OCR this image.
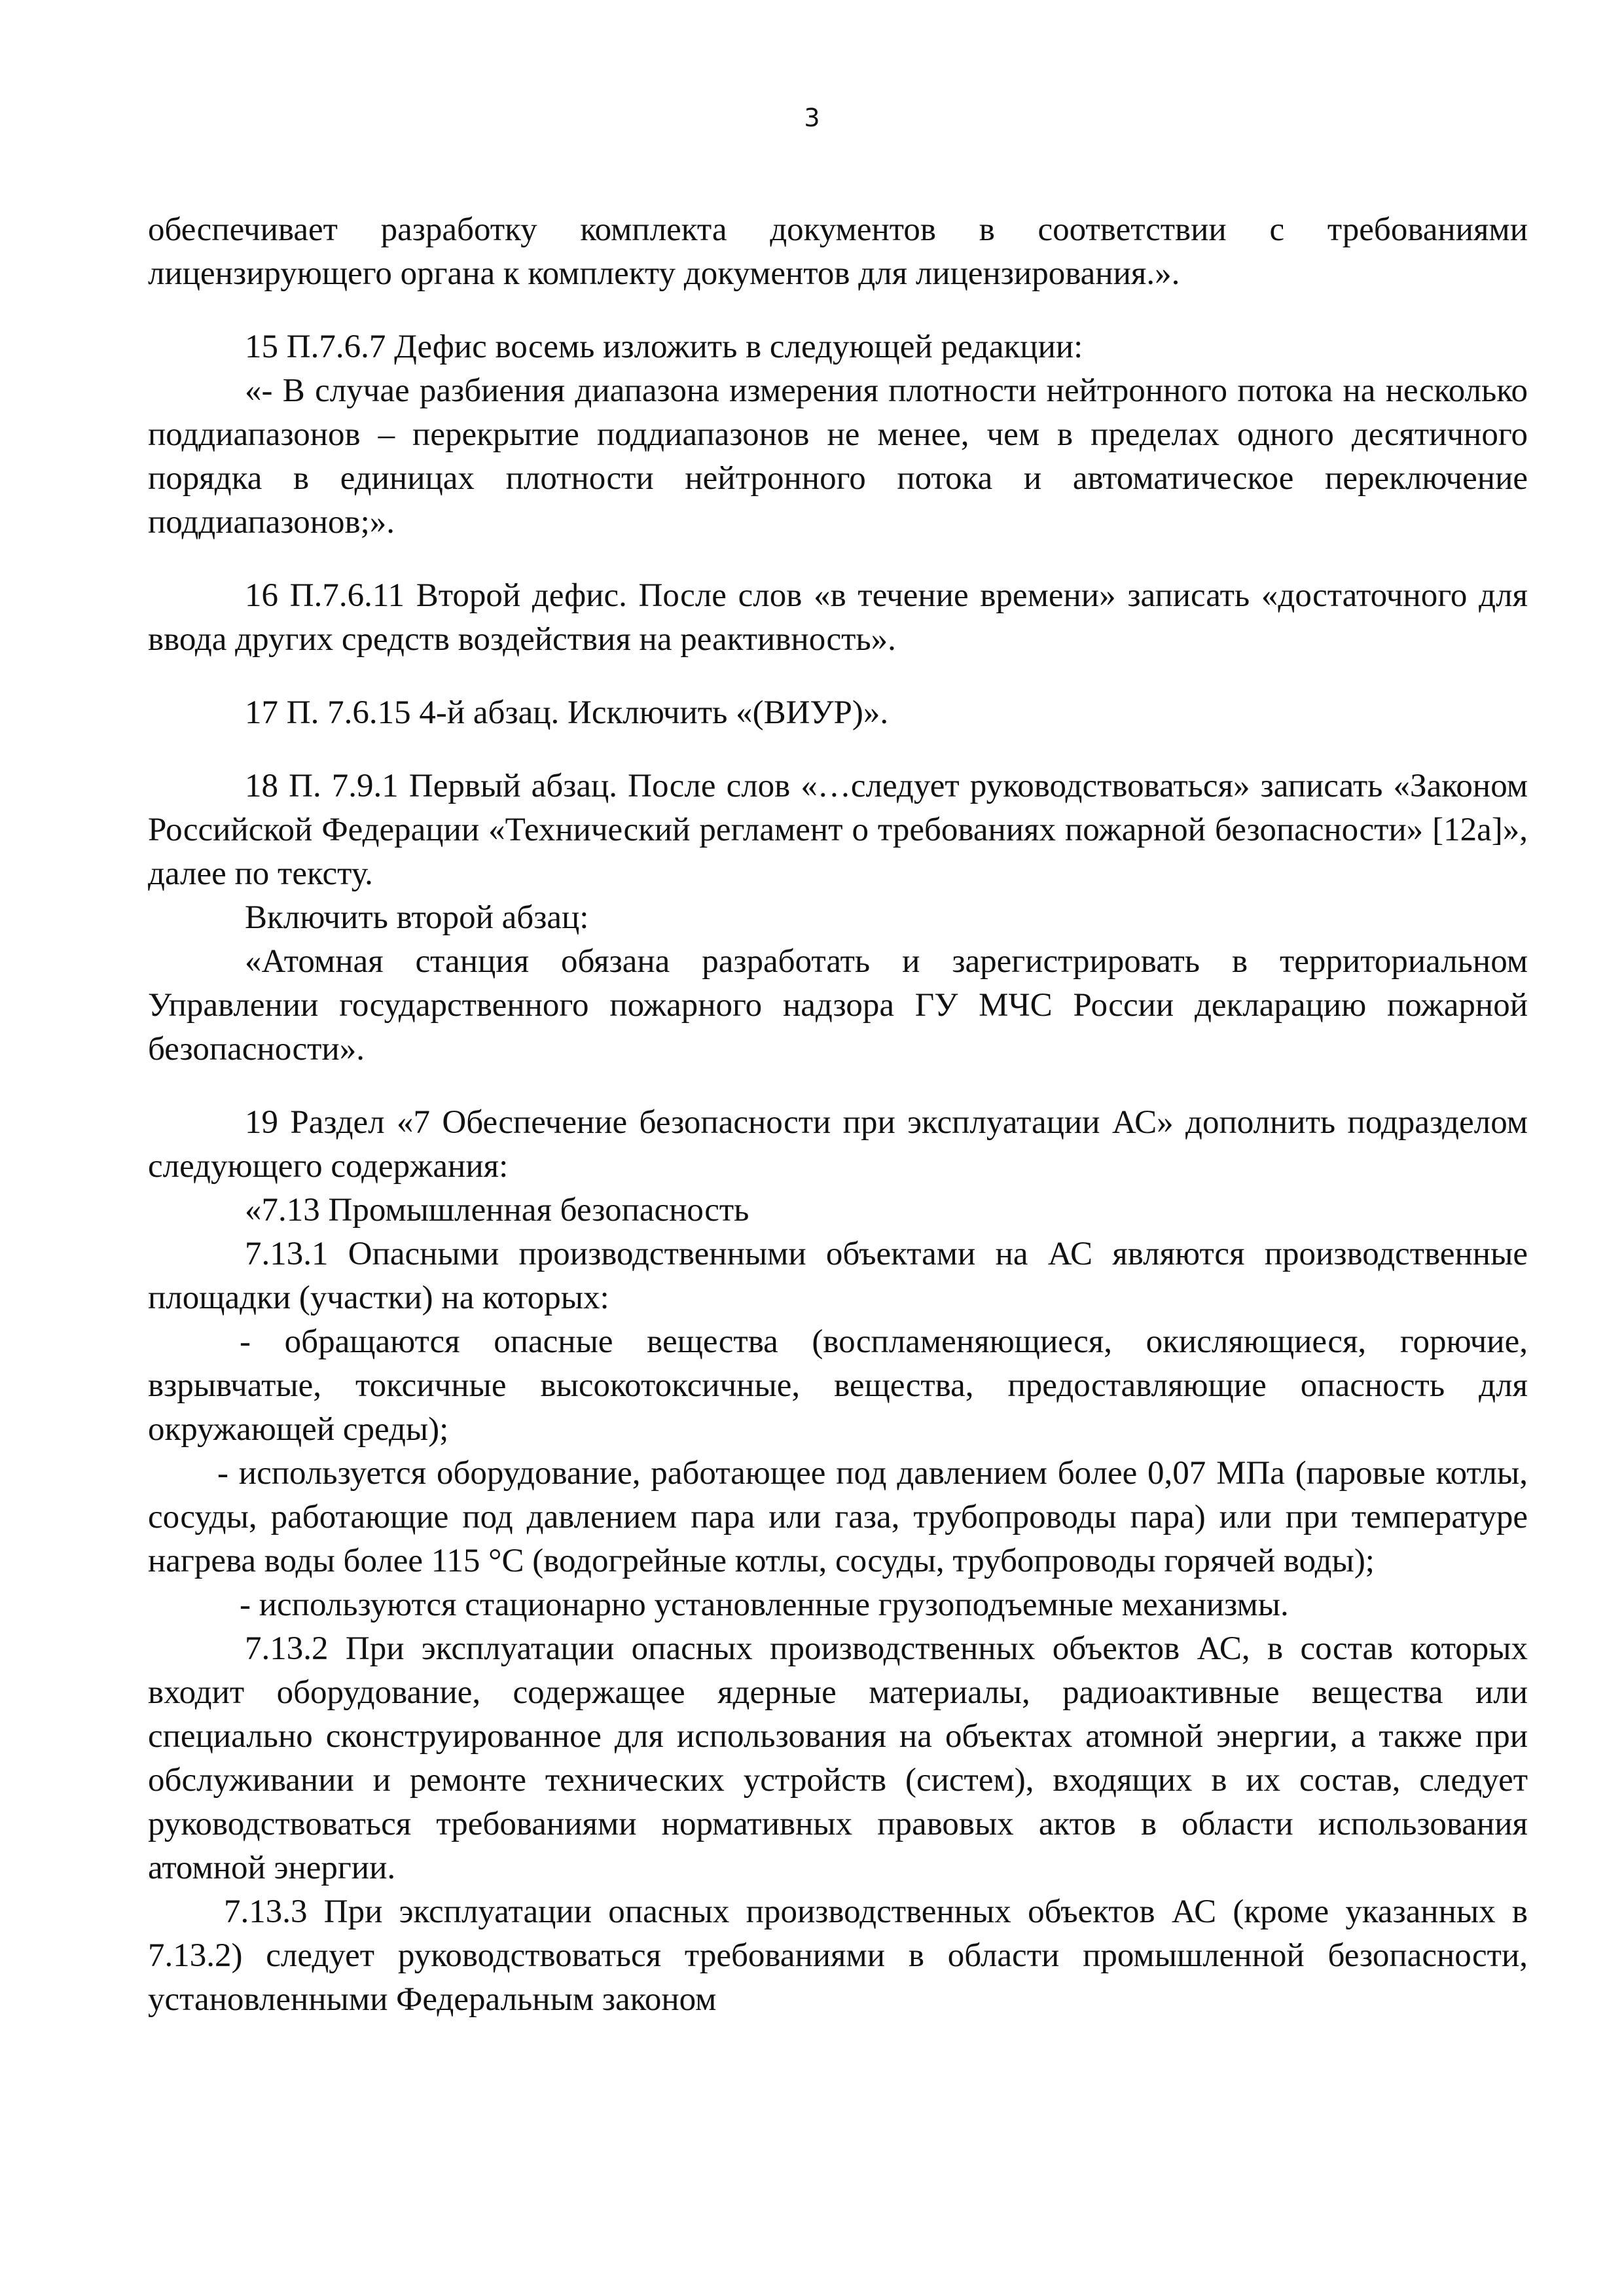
3

обеспечивает разработку комплекта документов в соответствии с требованиями лицензирующего органа к комплекту документов для лицензирования.».

15 П.7.6.7 Дефис восемь изложить в следующей редакции:

«- В случае разбиения диапазона измерения плотности нейтронного потока на несколько поддиапазонов – перекрытие поддиапазонов не менее, чем в пределах одного десятичного порядка в единицах плотности нейтронного потока и автоматическое переключение поддиапазонов;».

16 П.7.6.11 Второй дефис. После слов «в течение времени» записать «достаточного для ввода других средств воздействия на реактивность».

17 П. 7.6.15 4-й абзац. Исключить «(ВИУР)».

18 П. 7.9.1 Первый абзац. После слов «…следует руководствоваться» записать «Законом Российской Федерации «Технический регламент о требованиях пожарной безопасности» [12а]», далее по тексту.

Включить второй абзац:

«Атомная станция обязана разработать и зарегистрировать в территориальном Управлении государственного пожарного надзора ГУ МЧС России декларацию пожарной безопасности».

19 Раздел «7 Обеспечение безопасности при эксплуатации АС» дополнить подразделом следующего содержания:

«7.13 Промышленная безопасность

7.13.1 Опасными производственными объектами на АС являются производственные площадки (участки) на которых:

- обращаются опасные вещества (воспламеняющиеся, окисляющиеся, горючие, взрывчатые, токсичные высокотоксичные, вещества, предоставляющие опасность для окружающей среды);

- используется оборудование, работающее под давлением более 0,07 МПа (паровые котлы, сосуды, работающие под давлением пара или газа, трубопроводы пара) или при температуре нагрева воды более 115 °С (водогрейные котлы, сосуды, трубопроводы горячей воды);

- используются стационарно установленные грузоподъемные механизмы.

7.13.2 При эксплуатации опасных производственных объектов АС, в состав которых входит оборудование, содержащее ядерные материалы, радиоактивные вещества или специально сконструированное для использования на объектах атомной энергии, а также при обслуживании и ремонте технических устройств (систем), входящих в их состав, следует руководствоваться требованиями нормативных правовых актов в области использования атомной энергии.

7.13.3 При эксплуатации опасных производственных объектов АС (кроме указанных в 7.13.2) следует руководствоваться требованиями в области промышленной безопасности, установленными Федеральным законом
